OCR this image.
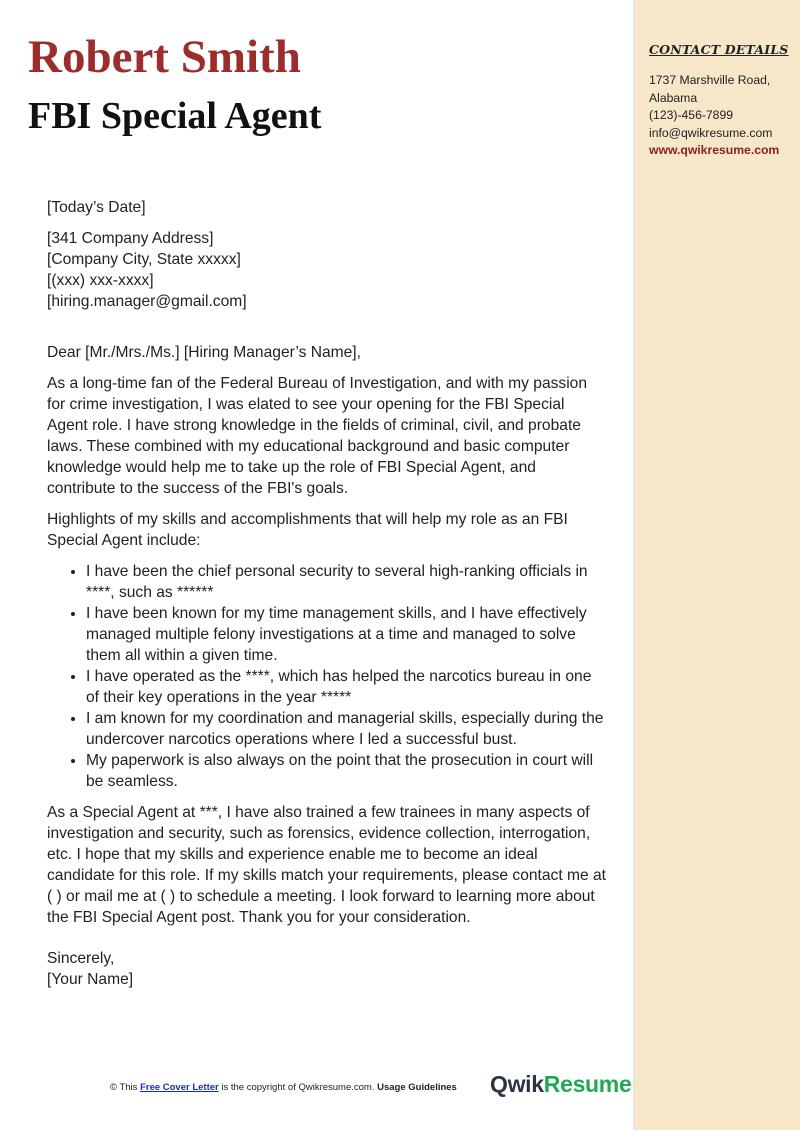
Robert Smith
FBI Special Agent
CONTACT DETAILS
1737 Marshville Road,
Alabama
(123)-456-7899
info@qwikresume.com
www.qwikresume.com

[Today’s Date]

[341 Company Address]
[Company City, State xxxxx]
[(xxx) xxx-xxxx]
[hiring.manager@gmail.com]

Dear [Mr./Mrs./Ms.] [Hiring Manager’s Name],

As a long-time fan of the Federal Bureau of Investigation, and with my passion for crime investigation, I was elated to see your opening for the FBI Special Agent role. I have strong knowledge in the fields of criminal, civil, and probate laws. These combined with my educational background and basic computer knowledge would help me to take up the role of FBI Special Agent, and contribute to the success of the FBI's goals.

Highlights of my skills and accomplishments that will help my role as an FBI Special Agent include:

• I have been the chief personal security to several high-ranking officials in ****, such as ******
• I have been known for my time management skills, and I have effectively managed multiple felony investigations at a time and managed to solve them all within a given time.
• I have operated as the ****, which has helped the narcotics bureau in one of their key operations in the year *****
• I am known for my coordination and managerial skills, especially during the undercover narcotics operations where I led a successful bust.
• My paperwork is also always on the point that the prosecution in court will be seamless.

As a Special Agent at ***, I have also trained a few trainees in many aspects of investigation and security, such as forensics, evidence collection, interrogation, etc. I hope that my skills and experience enable me to become an ideal candidate for this role. If my skills match your requirements, please contact me at ( ) or mail me at ( ) to schedule a meeting. I look forward to learning more about the FBI Special Agent post. Thank you for your consideration.

Sincerely,

[Your Name]

© This Free Cover Letter is the copyright of Qwikresume.com. Usage Guidelines QwikResume
